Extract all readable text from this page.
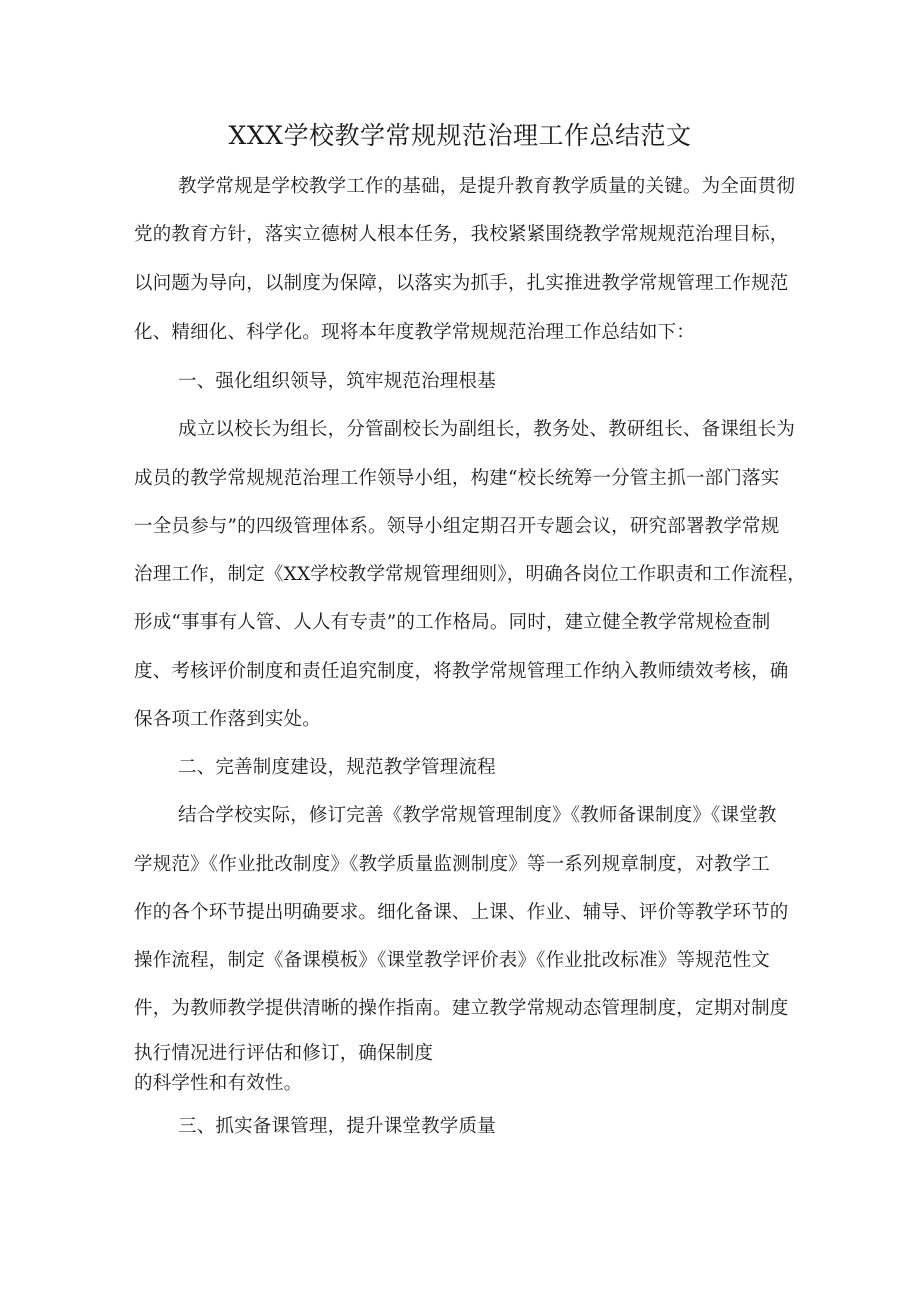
XXX学校教学常规规范治理工作总结范文
教学常规是学校教学工作的基础，是提升教育教学质量的关键。为全面贯彻
党的教育方针，落实立德树人根本任务，我校紧紧围绕教学常规规范治理目标，
以问题为导向，以制度为保障，以落实为抓手，扎实推进教学常规管理工作规范
化、精细化、科学化。现将本年度教学常规规范治理工作总结如下：
一、强化组织领导，筑牢规范治理根基
成立以校长为组长，分管副校长为副组长，教务处、教研组长、备课组长为
成员的教学常规规范治理工作领导小组，构建“校长统筹一分管主抓一部门落实
一全员参与”的四级管理体系。领导小组定期召开专题会议，研究部署教学常规
治理工作，制定《XX学校教学常规管理细则》，明确各岗位工作职责和工作流程，
形成“事事有人管、人人有专责”的工作格局。同时，建立健全教学常规检查制
度、考核评价制度和责任追究制度，将教学常规管理工作纳入教师绩效考核，确
保各项工作落到实处。
二、完善制度建设，规范教学管理流程
结合学校实际，修订完善《教学常规管理制度》《教师备课制度》《课堂教
学规范》《作业批改制度》《教学质量监测制度》等一系列规章制度，对教学工
作的各个环节提出明确要求。细化备课、上课、作业、辅导、评价等教学环节的
操作流程，制定《备课模板》《课堂教学评价表》《作业批改标准》等规范性文
件，为教师教学提供清晰的操作指南。建立教学常规动态管理制度，定期对制度
执行情况进行评估和修订，确保制度
的科学性和有效性。
三、抓实备课管理，提升课堂教学质量
